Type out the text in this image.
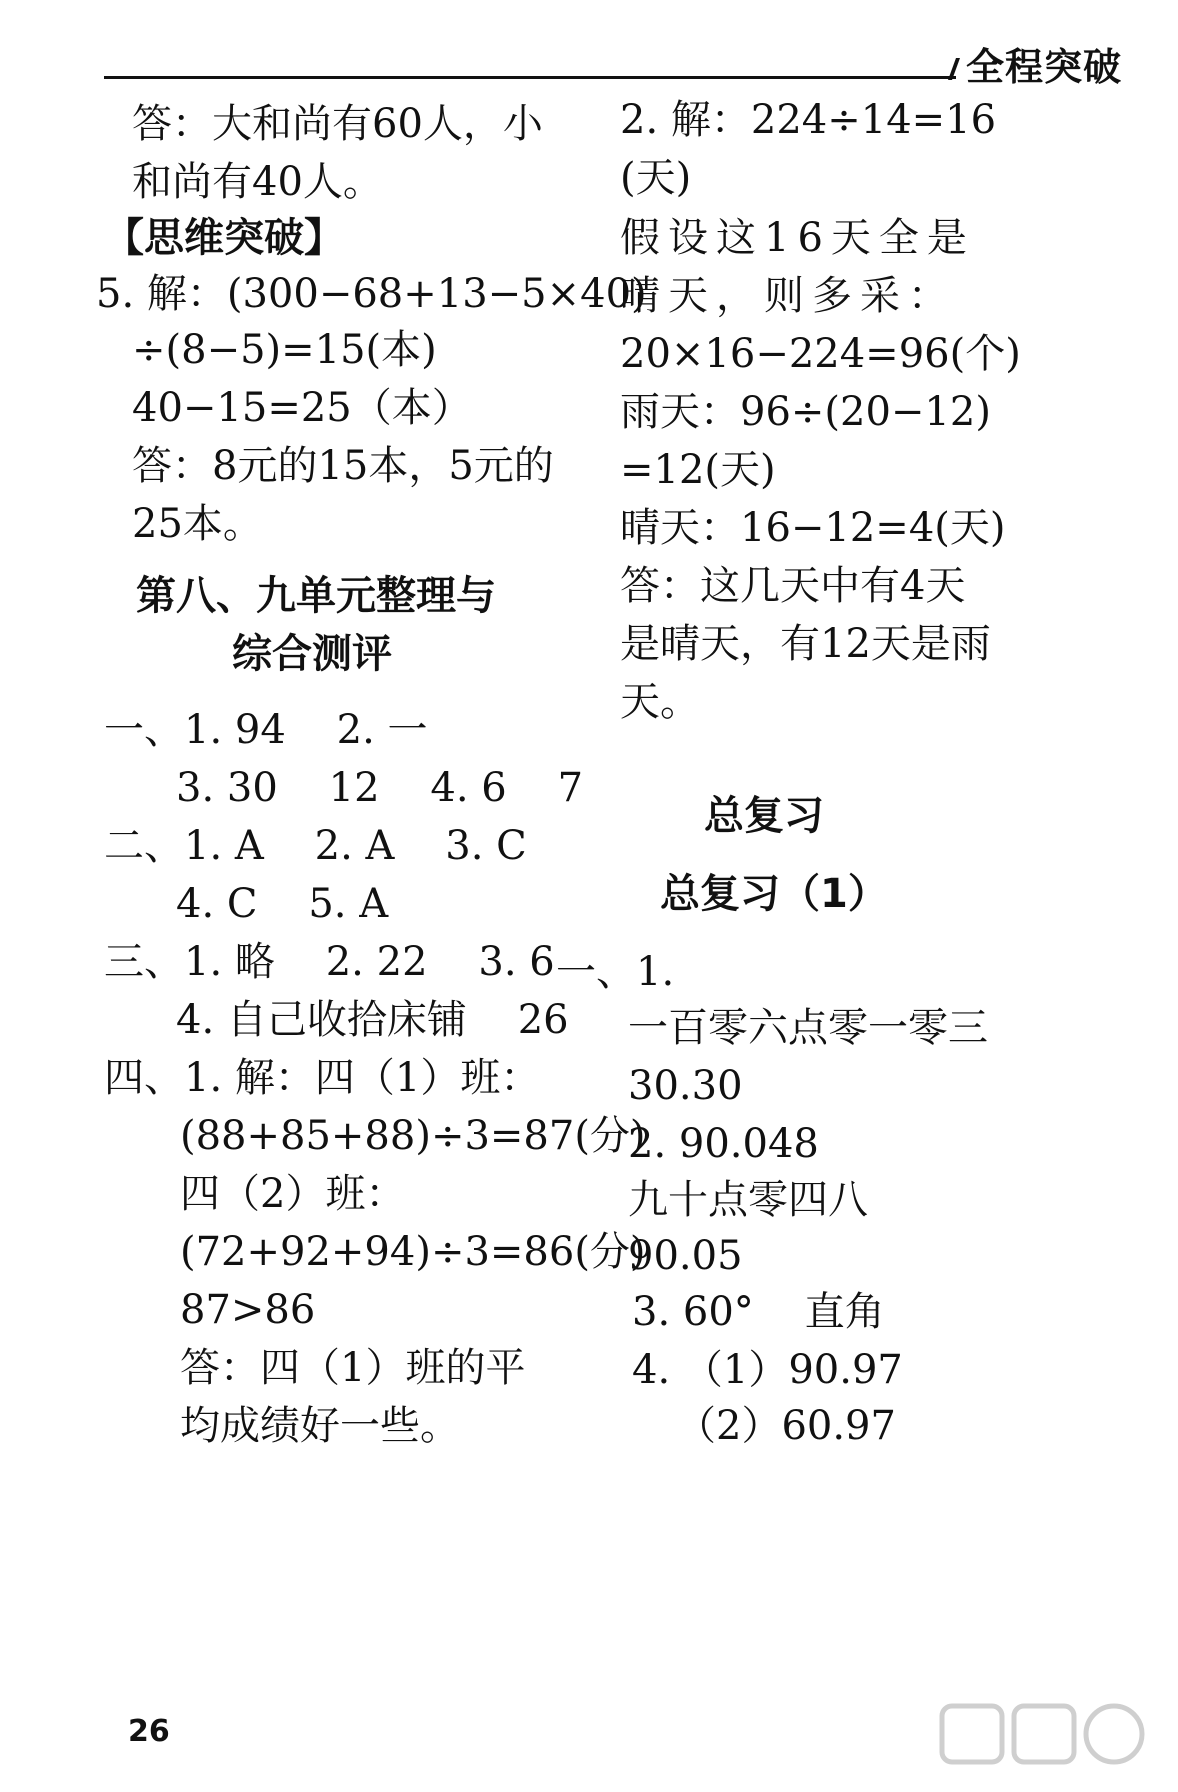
全程突破
答：大和尚有60人，小
和尚有40人。
【思维突破】
5. 解：(300−68+13−5×40)
÷(8−5)=15(本)
40−15=25（本）
答：8元的15本，5元的
25本。
第八、九单元整理与
综合测评
一、1. 94    2. 一
3. 30    12    4. 6    7
二、1. A    2. A    3. C
4. C    5. A
三、1. 略    2. 22    3. 6
4. 自己收拾床铺    26
四、1. 解：四（1）班：
(88+85+88)÷3=87(分)
四（2）班：
(72+92+94)÷3=86(分)
87>86
答：四（1）班的平
均成绩好一些。
2. 解：224÷14=16
(天)
假设这16天全是
晴天，则多采：
20×16−224=96(个)
雨天：96÷(20−12)
=12(天)
晴天：16−12=4(天)
答：这几天中有4天
是晴天，有12天是雨
天。
总复习
总复习（1）
一、1.
一百零六点零一零三
30.30
2. 90.048
九十点零四八
90.05
3. 60°    直角
4. （1）90.97
（2）60.97
26
